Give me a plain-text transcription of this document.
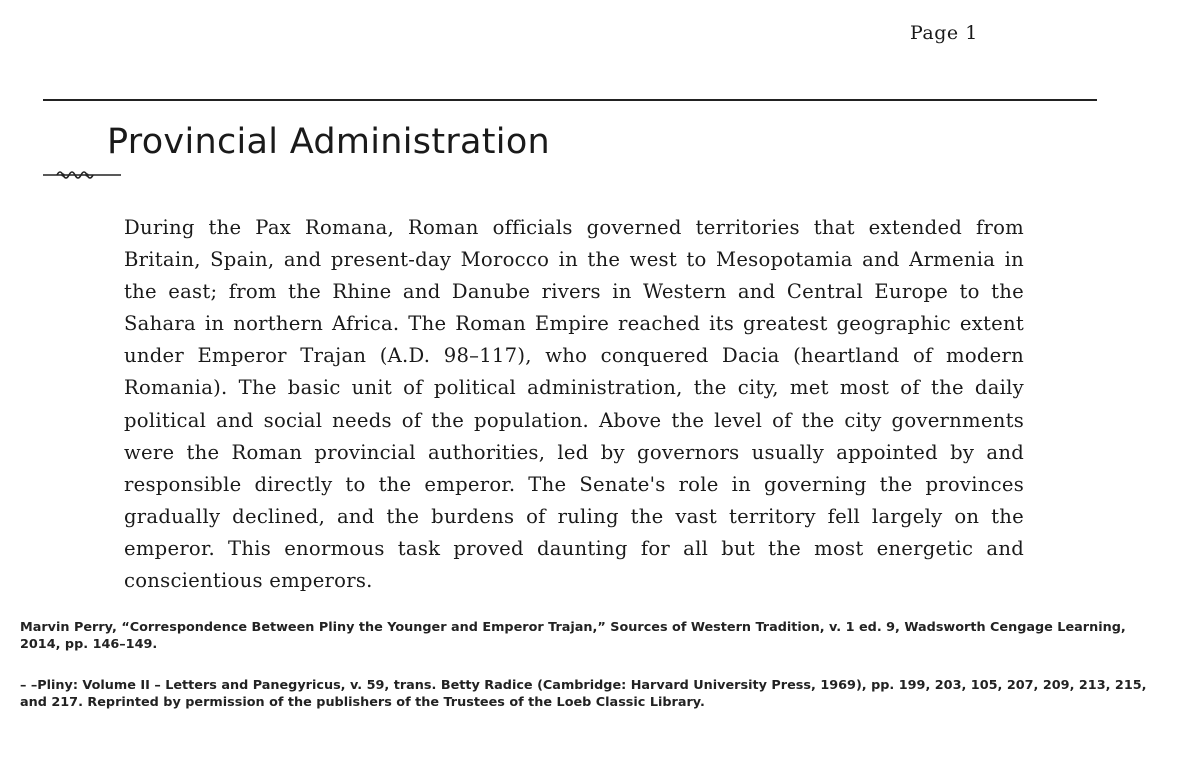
Page 1
Provincial Administration

During the Pax Romana, Roman officials governed territories that extended from Britain, Spain, and present-day Morocco in the west to Mesopotamia and Armenia in the east; from the Rhine and Danube rivers in Western and Central Europe to the Sahara in northern Africa. The Roman Empire reached its greatest geographic extent under Emperor Trajan (A.D. 98–117), who conquered Dacia (heartland of modern Romania). The basic unit of political administration, the city, met most of the daily political and social needs of the population. Above the level of the city governments were the Roman provincial authorities, led by governors usually appointed by and responsible directly to the emperor. The Senate's role in governing the provinces gradually declined, and the burdens of ruling the vast territory fell largely on the emperor. This enormous task proved daunting for all but the most energetic and conscientious emperors.

Marvin Perry, “Correspondence Between Pliny the Younger and Emperor Trajan,” Sources of Western Tradition, v. 1 ed. 9, Wadsworth Cengage Learning, 2014, pp. 146–149.

– –Pliny: Volume II – Letters and Panegyricus, v. 59, trans. Betty Radice (Cambridge: Harvard University Press, 1969), pp. 199, 203, 105, 207, 209, 213, 215, and 217. Reprinted by permission of the publishers of the Trustees of the Loeb Classic Library.
